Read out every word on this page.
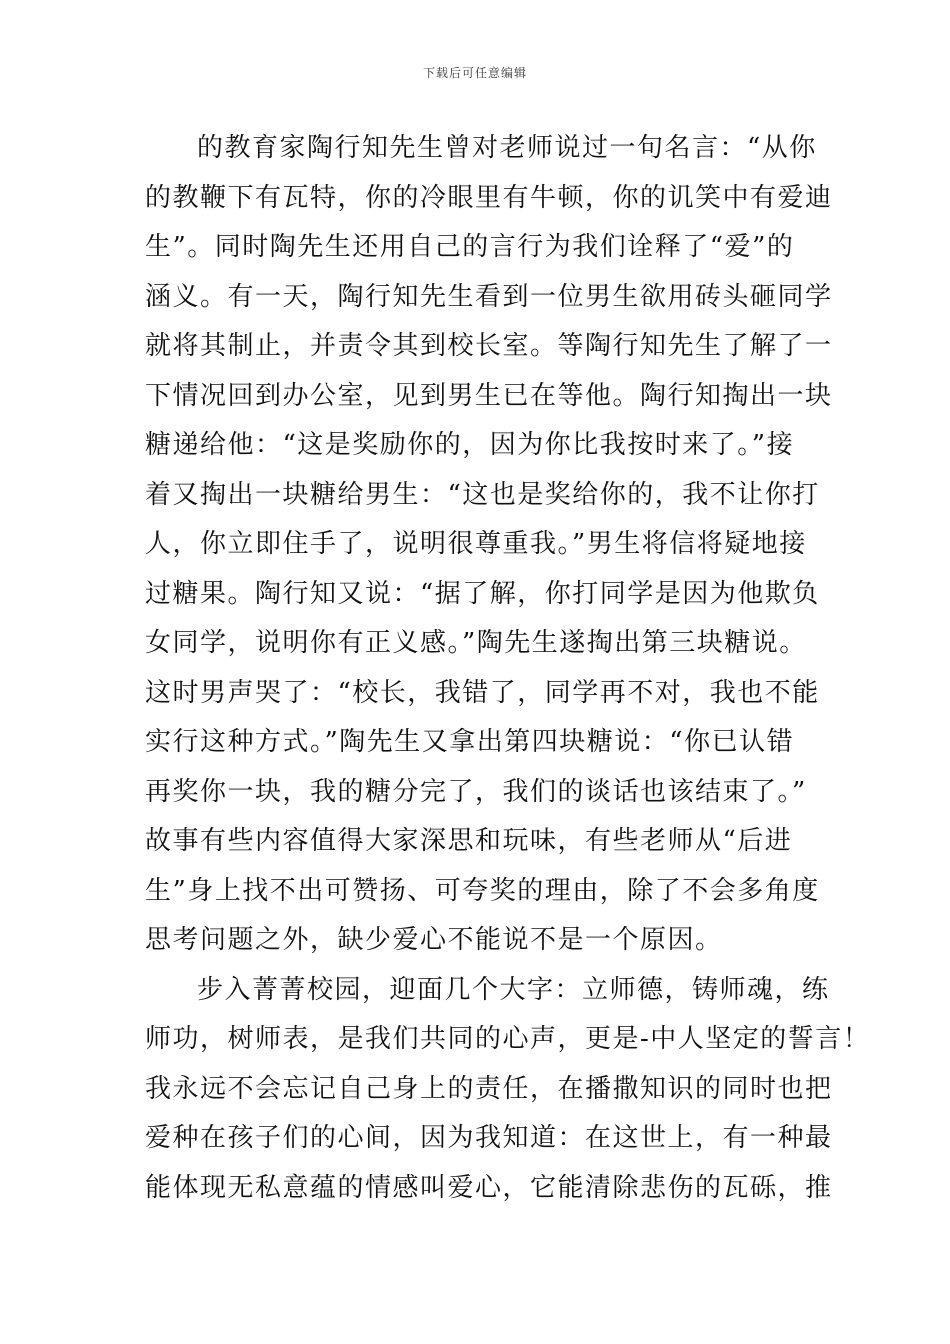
下载后可任意编辑
的教育家陶行知先生曾对老师说过一句名言：“从你
的教鞭下有瓦特，你的冷眼里有牛顿，你的讥笑中有爱迪
生”。同时陶先生还用自己的言行为我们诠释了“爱”的
涵义。有一天，陶行知先生看到一位男生欲用砖头砸同学
就将其制止，并责令其到校长室。等陶行知先生了解了一
下情况回到办公室，见到男生已在等他。陶行知掏出一块
糖递给他：“这是奖励你的，因为你比我按时来了。”接
着又掏出一块糖给男生：“这也是奖给你的，我不让你打
人，你立即住手了，说明很尊重我。”男生将信将疑地接
过糖果。陶行知又说：“据了解，你打同学是因为他欺负
女同学，说明你有正义感。”陶先生遂掏出第三块糖说。
这时男声哭了：“校长，我错了，同学再不对，我也不能
实行这种方式。”陶先生又拿出第四块糖说：“你已认错
再奖你一块，我的糖分完了，我们的谈话也该结束了。”
故事有些内容值得大家深思和玩味，有些老师从“后进
生”身上找不出可赞扬、可夸奖的理由，除了不会多角度
思考问题之外，缺少爱心不能说不是一个原因。
步入菁菁校园，迎面几个大字：立师德，铸师魂，练
师功，树师表，是我们共同的心声，更是-中人坚定的誓言！
我永远不会忘记自己身上的责任，在播撒知识的同时也把
爱种在孩子们的心间，因为我知道：在这世上，有一种最
能体现无私意蕴的情感叫爱心，它能清除悲伤的瓦砾，推
